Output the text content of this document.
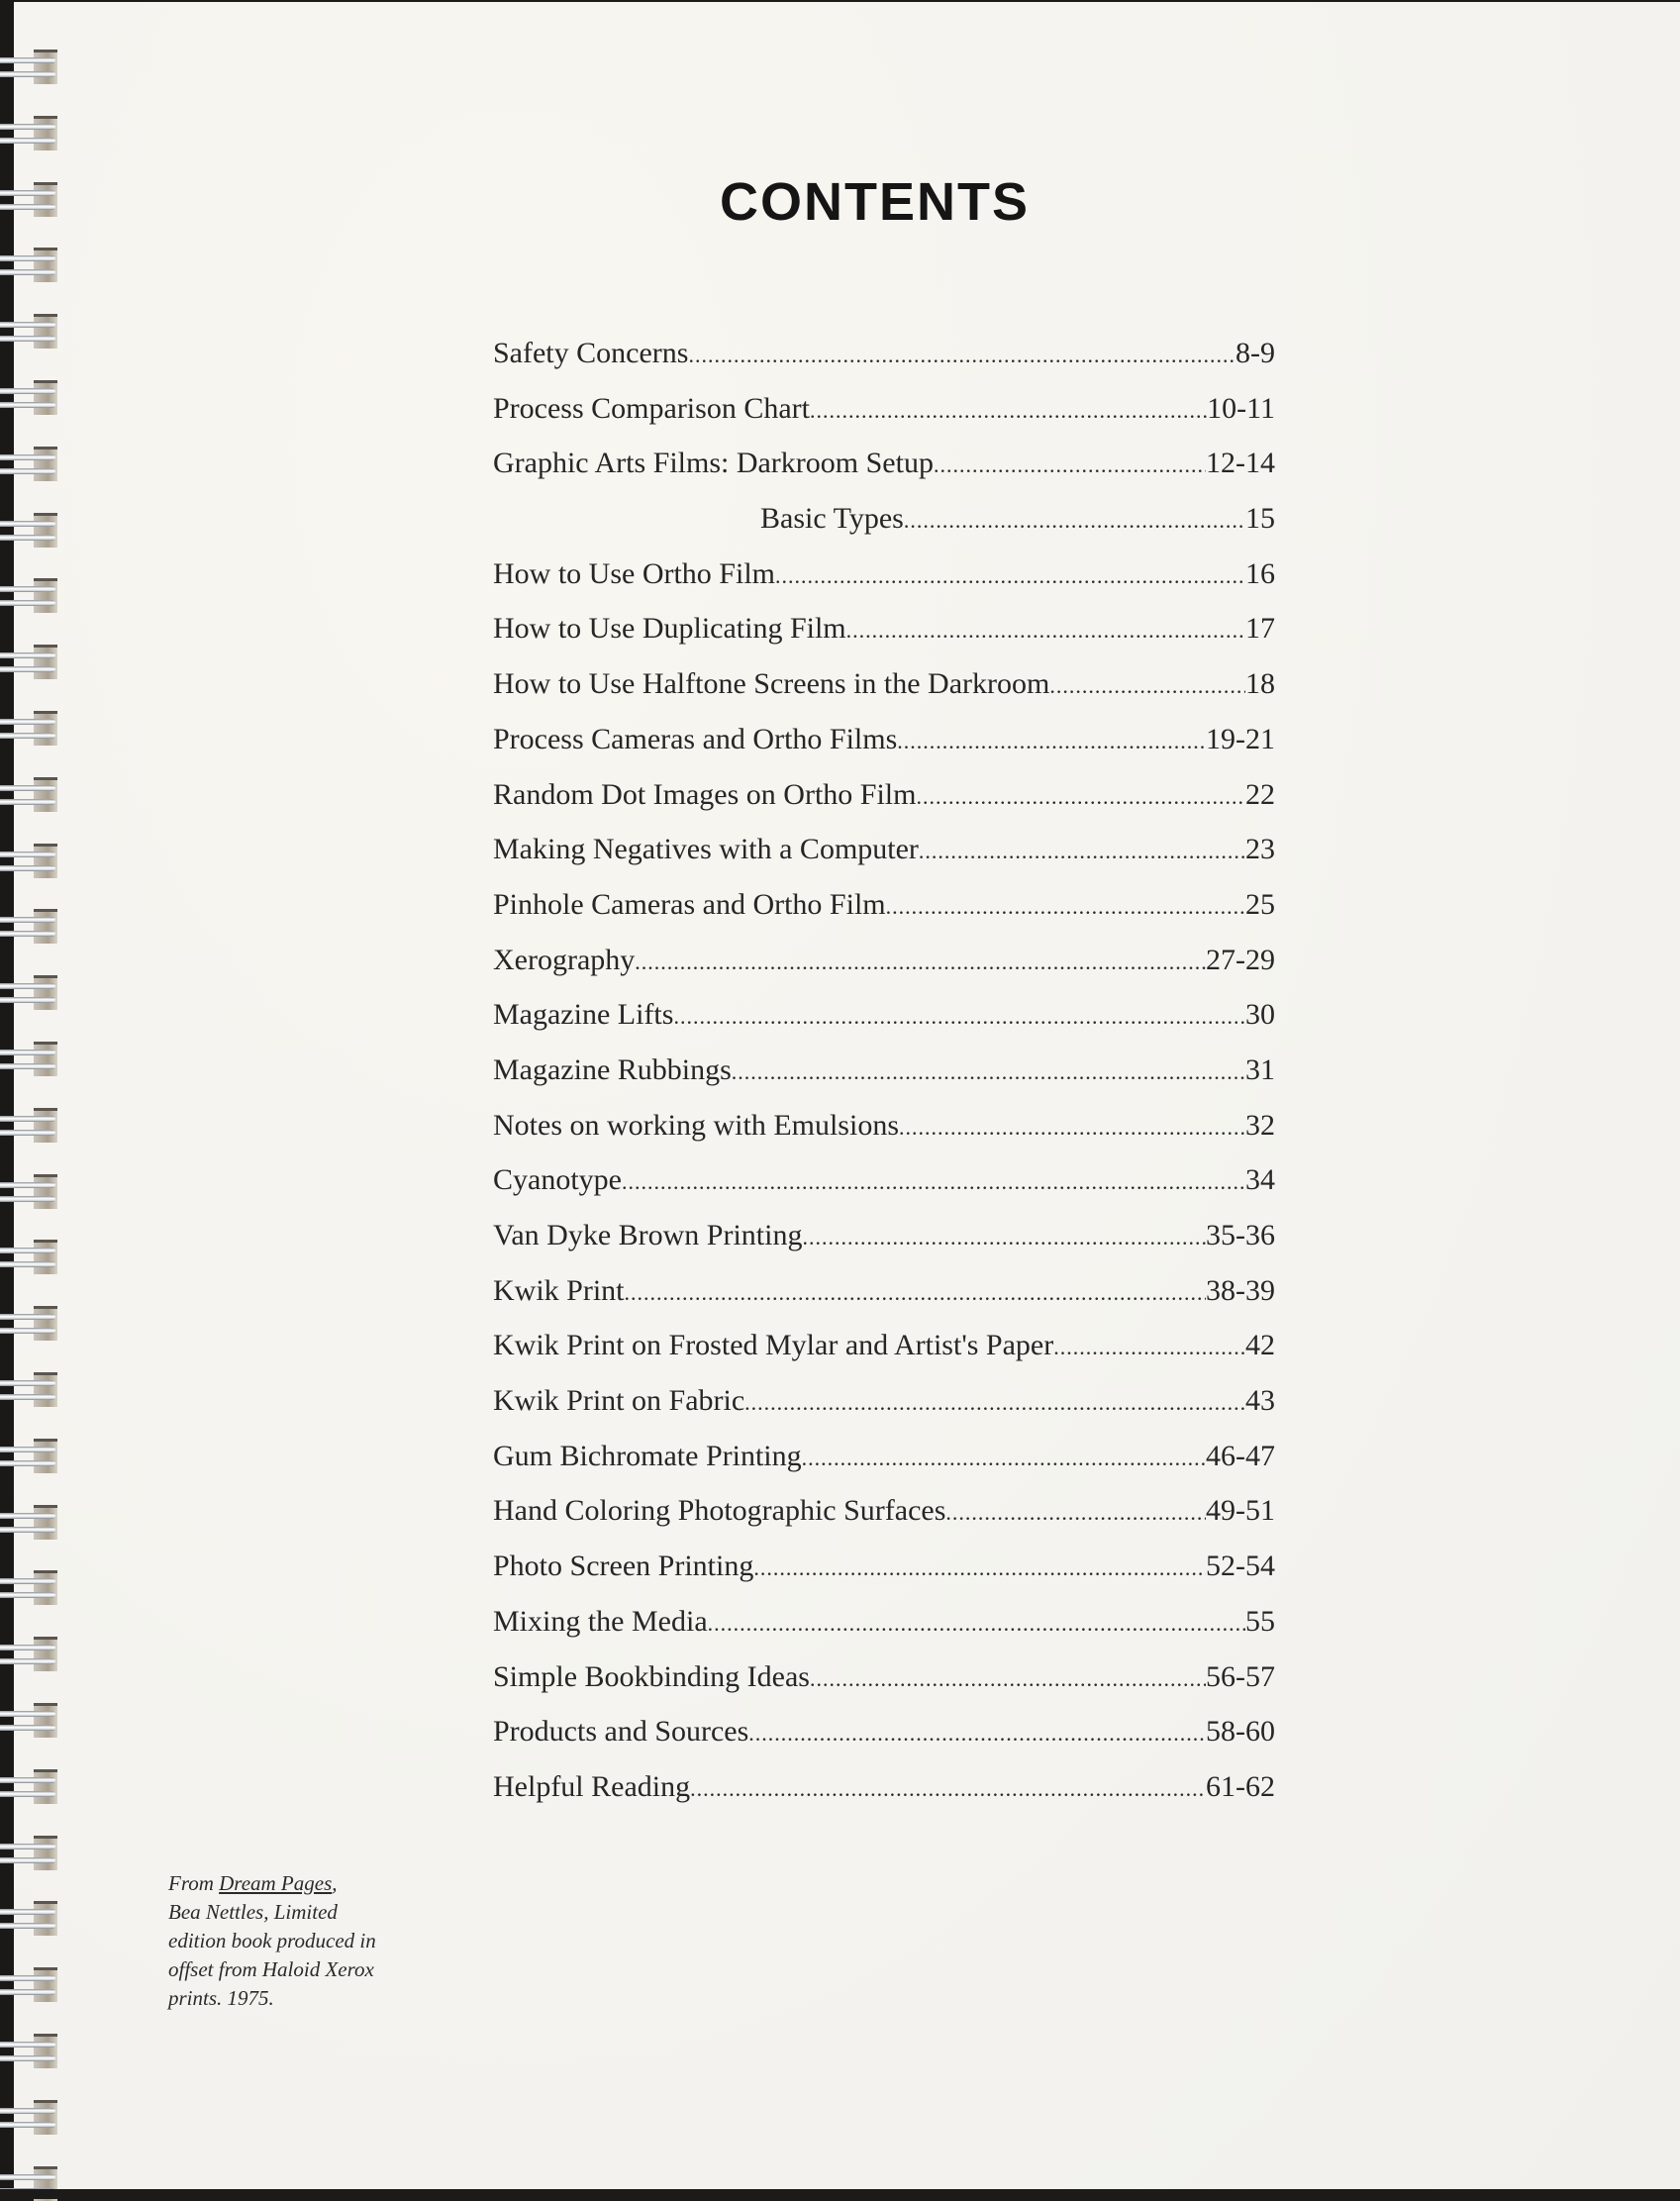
CONTENTS
Safety Concerns .....	8-9
Process Comparison Chart .....	10-11
Graphic Arts Films: Darkroom Setup .....	12-14
Basic Types .....	15
How to Use Ortho Film .....	16
How to Use Duplicating Film .....	17
How to Use Halftone Screens in the Darkroom .....	18
Process Cameras and Ortho Films .....	19-21
Random Dot Images on Ortho Film .....	22
Making Negatives with a Computer .....	23
Pinhole Cameras and Ortho Film .....	25
Xerography .....	27-29
Magazine Lifts .....	30
Magazine Rubbings .....	31
Notes on working with Emulsions .....	32
Cyanotype .....	34
Van Dyke Brown Printing .....	35-36
Kwik Print .....	38-39
Kwik Print on Frosted Mylar and Artist's Paper .....	42
Kwik Print on Fabric .....	43
Gum Bichromate Printing .....	46-47
Hand Coloring Photographic Surfaces .....	49-51
Photo Screen Printing .....	52-54
Mixing the Media .....	55
Simple Bookbinding Ideas .....	56-57
Products and Sources .....	58-60
Helpful Reading .....	61-62
From Dream Pages,
Bea Nettles, Limited
edition book produced in
offset from Haloid Xerox
prints. 1975.
